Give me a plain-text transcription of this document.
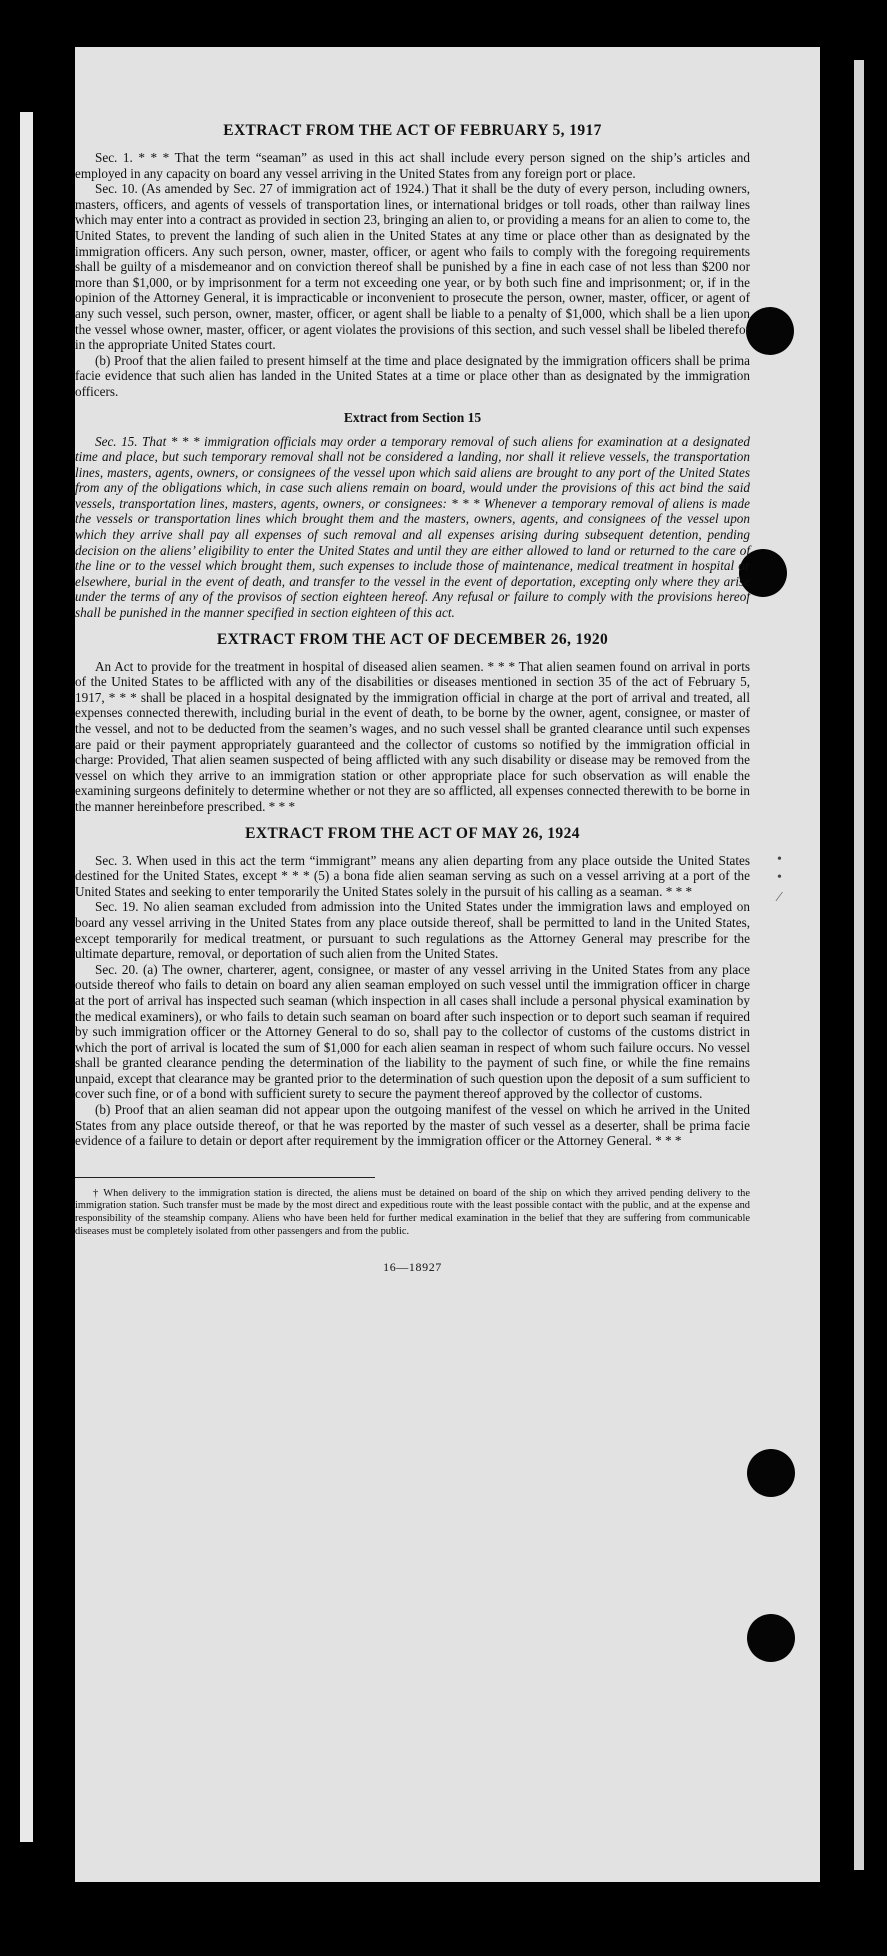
•
•
⁄
EXTRACT FROM THE ACT OF FEBRUARY 5, 1917

Sec. 1. * * * That the term “seaman” as used in this act shall include every person signed on the ship’s articles and employed in any capacity on board any vessel arriving in the United States from any foreign port or place.

Sec. 10. (As amended by Sec. 27 of immigration act of 1924.) That it shall be the duty of every person, including owners, masters, officers, and agents of vessels of transportation lines, or international bridges or toll roads, other than railway lines which may enter into a contract as provided in section 23, bringing an alien to, or providing a means for an alien to come to, the United States, to prevent the landing of such alien in the United States at any time or place other than as designated by the immigration officers. Any such person, owner, master, officer, or agent who fails to comply with the foregoing requirements shall be guilty of a misdemeanor and on conviction thereof shall be punished by a fine in each case of not less than $200 nor more than $1,000, or by imprisonment for a term not exceeding one year, or by both such fine and imprisonment; or, if in the opinion of the Attorney General, it is impracticable or inconvenient to prosecute the person, owner, master, officer, or agent of any such vessel, such person, owner, master, officer, or agent shall be liable to a penalty of $1,000, which shall be a lien upon the vessel whose owner, master, officer, or agent violates the provisions of this section, and such vessel shall be libeled therefor in the appropriate United States court.

(b) Proof that the alien failed to present himself at the time and place designated by the immigration officers shall be prima facie evidence that such alien has landed in the United States at a time or place other than as designated by the immigration officers.

Extract from Section 15

Sec. 15. That * * * immigration officials may order a temporary removal of such aliens for examination at a designated time and place, but such temporary removal shall not be considered a landing, nor shall it relieve vessels, the transportation lines, masters, agents, owners, or consignees of the vessel upon which said aliens are brought to any port of the United States from any of the obligations which, in case such aliens remain on board, would under the provisions of this act bind the said vessels, transportation lines, masters, agents, owners, or consignees: * * * Whenever a temporary removal of aliens is made the vessels or transportation lines which brought them and the masters, owners, agents, and consignees of the vessel upon which they arrive shall pay all expenses of such removal and all expenses arising during subsequent detention, pending decision on the aliens’ eligibility to enter the United States and until they are either allowed to land or returned to the care of the line or to the vessel which brought them, such expenses to include those of maintenance, medical treatment in hospital or elsewhere, burial in the event of death, and transfer to the vessel in the event of deportation, excepting only where they arise under the terms of any of the provisos of section eighteen hereof. Any refusal or failure to comply with the provisions hereof shall be punished in the manner specified in section eighteen of this act.

EXTRACT FROM THE ACT OF DECEMBER 26, 1920

An Act to provide for the treatment in hospital of diseased alien seamen. * * * That alien seamen found on arrival in ports of the United States to be afflicted with any of the disabilities or diseases mentioned in section 35 of the act of February 5, 1917, * * * shall be placed in a hospital designated by the immigration official in charge at the port of arrival and treated, all expenses connected therewith, including burial in the event of death, to be borne by the owner, agent, consignee, or master of the vessel, and not to be deducted from the seamen’s wages, and no such vessel shall be granted clearance until such expenses are paid or their payment appropriately guaranteed and the collector of customs so notified by the immigration official in charge: Provided, That alien seamen suspected of being afflicted with any such disability or disease may be removed from the vessel on which they arrive to an immigration station or other appropriate place for such observation as will enable the examining surgeons definitely to determine whether or not they are so afflicted, all expenses connected therewith to be borne in the manner hereinbefore prescribed. * * *

EXTRACT FROM THE ACT OF MAY 26, 1924

Sec. 3. When used in this act the term “immigrant” means any alien departing from any place outside the United States destined for the United States, except * * * (5) a bona fide alien seaman serving as such on a vessel arriving at a port of the United States and seeking to enter temporarily the United States solely in the pursuit of his calling as a seaman. * * *

Sec. 19. No alien seaman excluded from admission into the United States under the immigration laws and employed on board any vessel arriving in the United States from any place outside thereof, shall be permitted to land in the United States, except temporarily for medical treatment, or pursuant to such regulations as the Attorney General may prescribe for the ultimate departure, removal, or deportation of such alien from the United States.

Sec. 20. (a) The owner, charterer, agent, consignee, or master of any vessel arriving in the United States from any place outside thereof who fails to detain on board any alien seaman employed on such vessel until the immigration officer in charge at the port of arrival has inspected such seaman (which inspection in all cases shall include a personal physical examination by the medical examiners), or who fails to detain such seaman on board after such inspection or to deport such seaman if required by such immigration officer or the Attorney General to do so, shall pay to the collector of customs of the customs district in which the port of arrival is located the sum of $1,000 for each alien seaman in respect of whom such failure occurs. No vessel shall be granted clearance pending the determination of the liability to the payment of such fine, or while the fine remains unpaid, except that clearance may be granted prior to the determination of such question upon the deposit of a sum sufficient to cover such fine, or of a bond with sufficient surety to secure the payment thereof approved by the collector of customs.

(b) Proof that an alien seaman did not appear upon the outgoing manifest of the vessel on which he arrived in the United States from any place outside thereof, or that he was reported by the master of such vessel as a deserter, shall be prima facie evidence of a failure to detain or deport after requirement by the immigration officer or the Attorney General. * * *

† When delivery to the immigration station is directed, the aliens must be detained on board of the ship on which they arrived pending delivery to the immigration station. Such transfer must be made by the most direct and expeditious route with the least possible contact with the public, and at the expense and responsibility of the steamship company. Aliens who have been held for further medical examination in the belief that they are suffering from communicable diseases must be completely isolated from other passengers and from the public.

16—18927
